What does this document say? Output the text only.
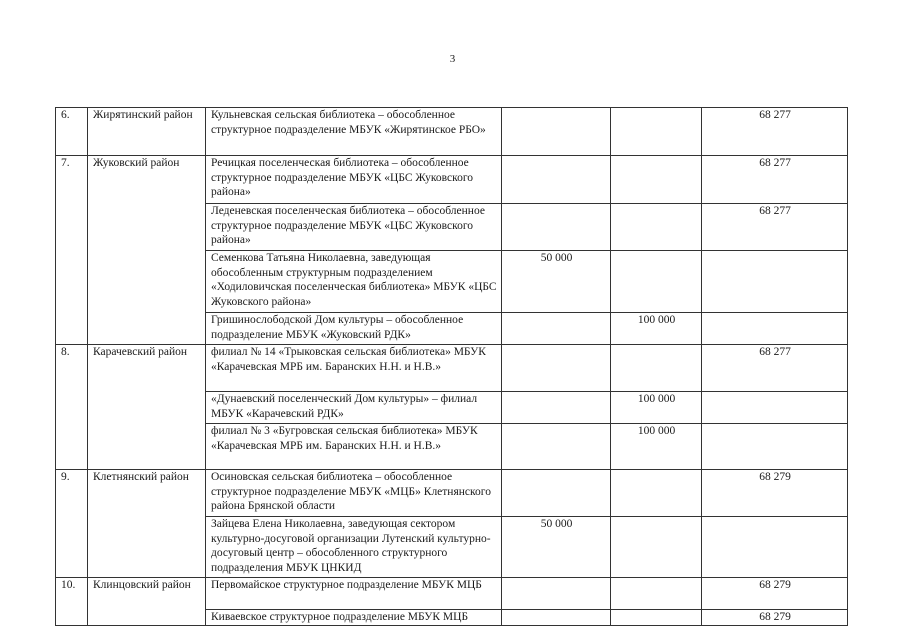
3
6.	Жирятинский район	Кульневская сельская библиотека – обособленное структурное подразделение МБУК «Жирятинское РБО»			68 277
7.	Жуковский район	Речицкая поселенческая библиотека – обособленное структурное подразделение МБУК «ЦБС Жуковского района»			68 277
		Леденевская поселенческая библиотека – обособленное структурное подразделение МБУК «ЦБС Жуковского района»			68 277
		Семенкова Татьяна Николаевна, заведующая обособленным структурным подразделением «Ходиловичская поселенческая библиотека» МБУК «ЦБС Жуковского района»	50 000		
		Гришинослободской Дом культуры – обособленное подразделение МБУК «Жуковский РДК»		100 000	
8.	Карачевский район	филиал № 14 «Трыковская сельская библиотека» МБУК «Карачевская МРБ им. Баранских Н.Н. и Н.В.»			68 277
		«Дунаевский поселенческий Дом культуры» – филиал МБУК «Карачевский РДК»		100 000	
		филиал № 3 «Бугровская сельская библиотека» МБУК «Карачевская МРБ им. Баранских Н.Н. и Н.В.»		100 000	
9.	Клетнянский район	Осиновская сельская библиотека – обособленное структурное подразделение МБУК «МЦБ» Клетнянского района Брянской области			68 279
		Зайцева Елена Николаевна, заведующая сектором культурно-досуговой организации Лутенский культурно-досуговый центр – обособленного структурного подразделения МБУК ЦНКИД	50 000		
10.	Клинцовский район	Первомайское структурное подразделение МБУК МЦБ			68 279
		Киваевское структурное подразделение МБУК МЦБ			68 279
